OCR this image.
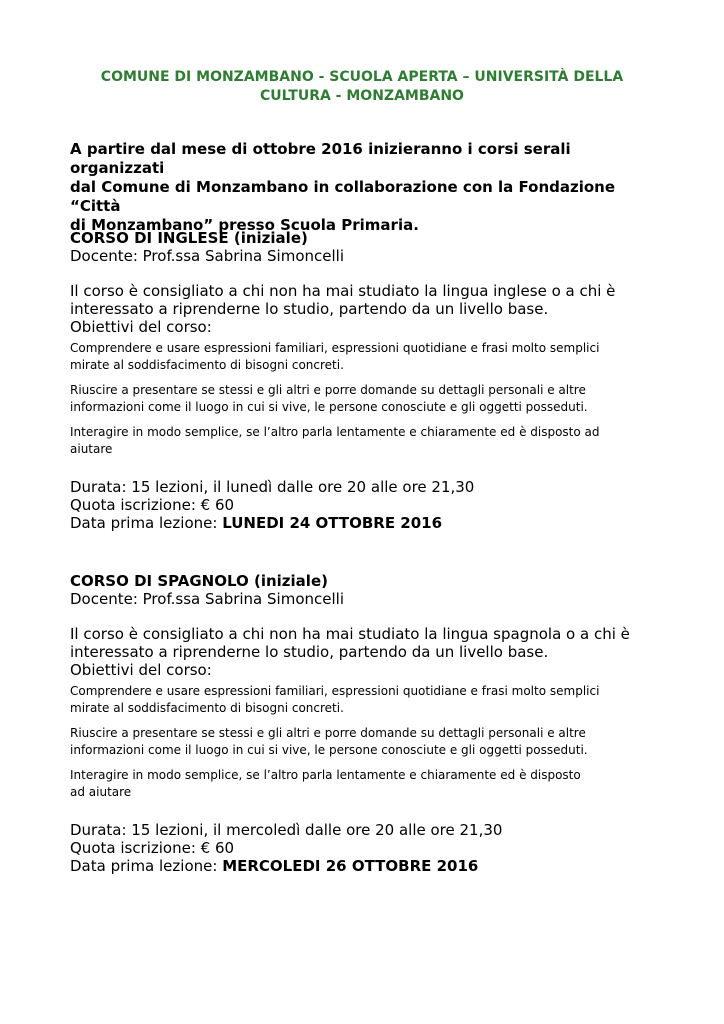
COMUNE DI MONZAMBANO - SCUOLA APERTA – UNIVERSITÀ DELLA
CULTURA - MONZAMBANO
A partire dal mese di ottobre 2016 inizieranno i corsi serali organizzati
dal Comune di Monzambano in collaborazione con la Fondazione “Città
di Monzambano” presso Scuola Primaria.
CORSO DI INGLESE (iniziale)
Docente: Prof.ssa Sabrina Simoncelli
Il corso è consigliato a chi non ha mai studiato la lingua inglese o a chi è
interessato a riprenderne lo studio, partendo da un livello base.
Obiettivi del corso:
Comprendere e usare espressioni familiari, espressioni quotidiane e frasi molto semplici
mirate al soddisfacimento di bisogni concreti.
Riuscire a presentare se stessi e gli altri e porre domande su dettagli personali e altre
informazioni come il luogo in cui si vive, le persone conosciute e gli oggetti posseduti.
Interagire in modo semplice, se l’altro parla lentamente e chiaramente ed è disposto ad
aiutare
Durata: 15 lezioni, il lunedì dalle ore 20 alle ore 21,30
Quota iscrizione: € 60
Data prima lezione: LUNEDI 24 OTTOBRE 2016
CORSO DI SPAGNOLO (iniziale)
Docente: Prof.ssa Sabrina Simoncelli
Il corso è consigliato a chi non ha mai studiato la lingua spagnola o a chi è
interessato a riprenderne lo studio, partendo da un livello base.
Obiettivi del corso:
Comprendere e usare espressioni familiari, espressioni quotidiane e frasi molto semplici
mirate al soddisfacimento di bisogni concreti.
Riuscire a presentare se stessi e gli altri e porre domande su dettagli personali e altre
informazioni come il luogo in cui si vive, le persone conosciute e gli oggetti posseduti.
Interagire in modo semplice, se l’altro parla lentamente e chiaramente ed è disposto
ad aiutare
Durata: 15 lezioni, il mercoledì dalle ore 20 alle ore 21,30
Quota iscrizione: € 60
Data prima lezione: MERCOLEDI 26 OTTOBRE 2016
